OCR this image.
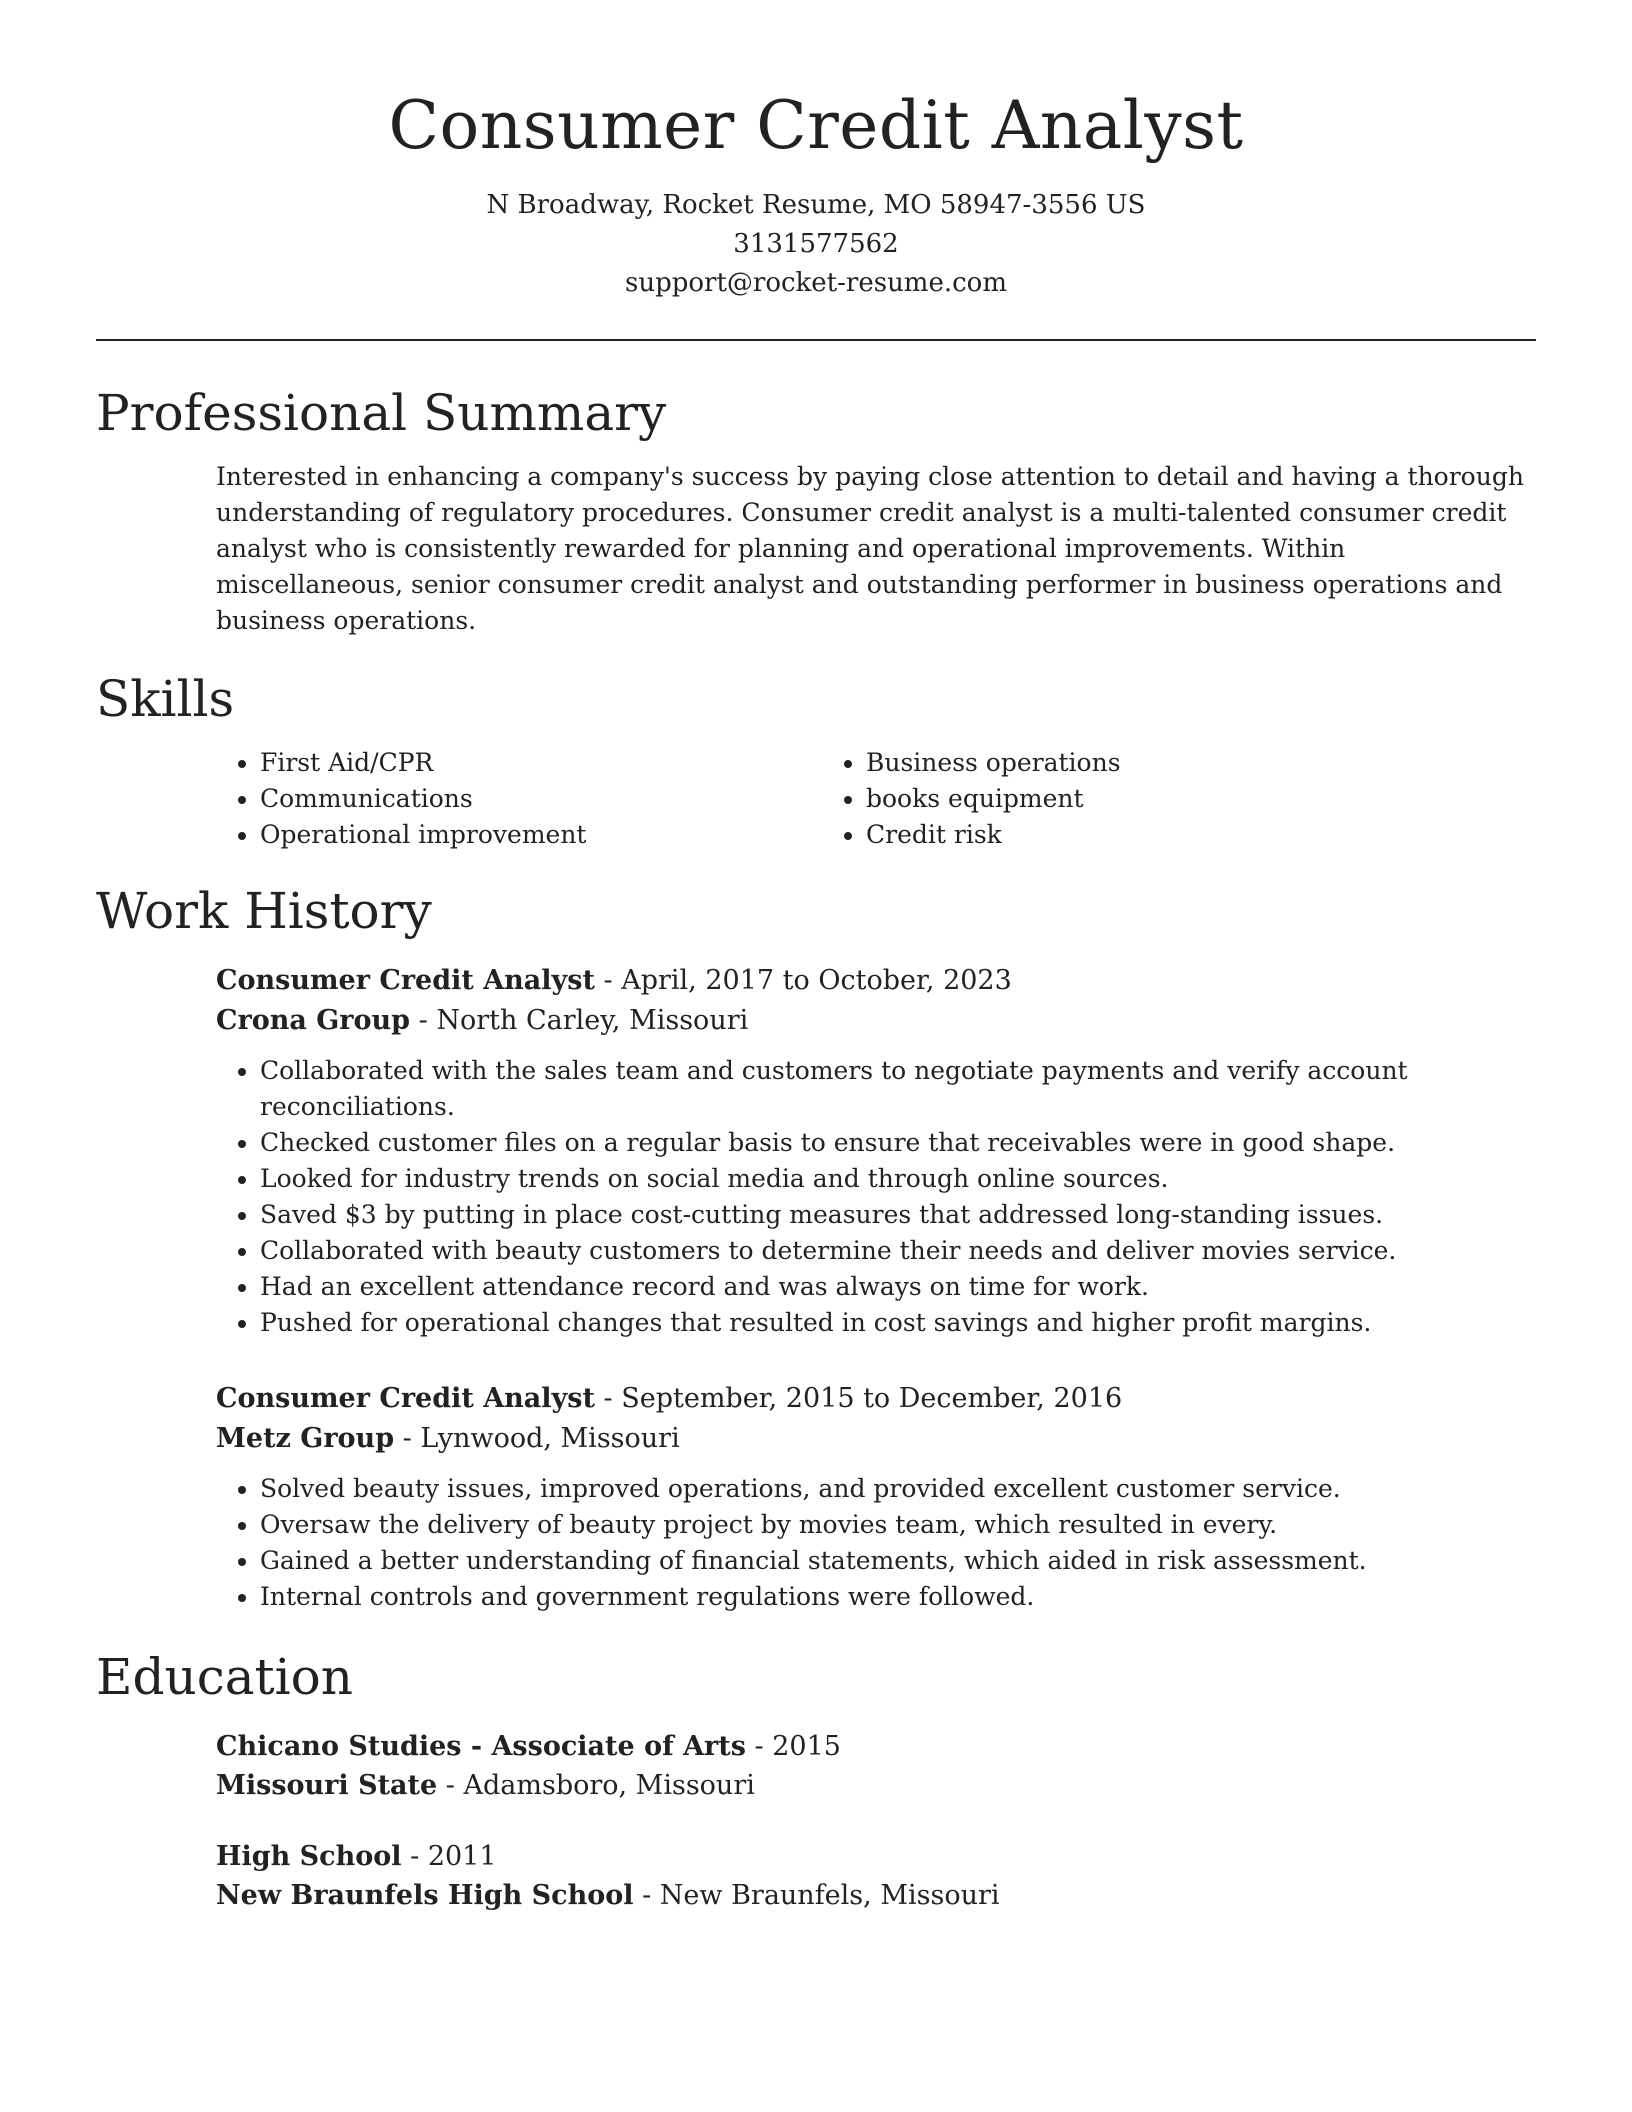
Consumer Credit Analyst
N Broadway, Rocket Resume, MO 58947-3556 US
3131577562
support@rocket-resume.com
Professional Summary

Interested in enhancing a company's success by paying close attention to detail and having a thorough understanding of regulatory procedures. Consumer credit analyst is a multi-talented consumer credit analyst who is consistently rewarded for planning and operational improvements. Within miscellaneous, senior consumer credit analyst and outstanding performer in business operations and business operations.

Skills
• First Aid/CPR
• Communications
• Operational improvement
• Business operations
• books equipment
• Credit risk
Work History
Consumer Credit Analyst - April, 2017 to October, 2023
Crona Group - North Carley, Missouri
• Collaborated with the sales team and customers to negotiate payments and verify account reconciliations.
• Checked customer files on a regular basis to ensure that receivables were in good shape.
• Looked for industry trends on social media and through online sources.
• Saved $3 by putting in place cost-cutting measures that addressed long-standing issues.
• Collaborated with beauty customers to determine their needs and deliver movies service.
• Had an excellent attendance record and was always on time for work.
• Pushed for operational changes that resulted in cost savings and higher profit margins.
Consumer Credit Analyst - September, 2015 to December, 2016
Metz Group - Lynwood, Missouri
• Solved beauty issues, improved operations, and provided excellent customer service.
• Oversaw the delivery of beauty project by movies team, which resulted in every.
• Gained a better understanding of financial statements, which aided in risk assessment.
• Internal controls and government regulations were followed.
Education
Chicano Studies - Associate of Arts - 2015
Missouri State - Adamsboro, Missouri
High School - 2011
New Braunfels High School - New Braunfels, Missouri
